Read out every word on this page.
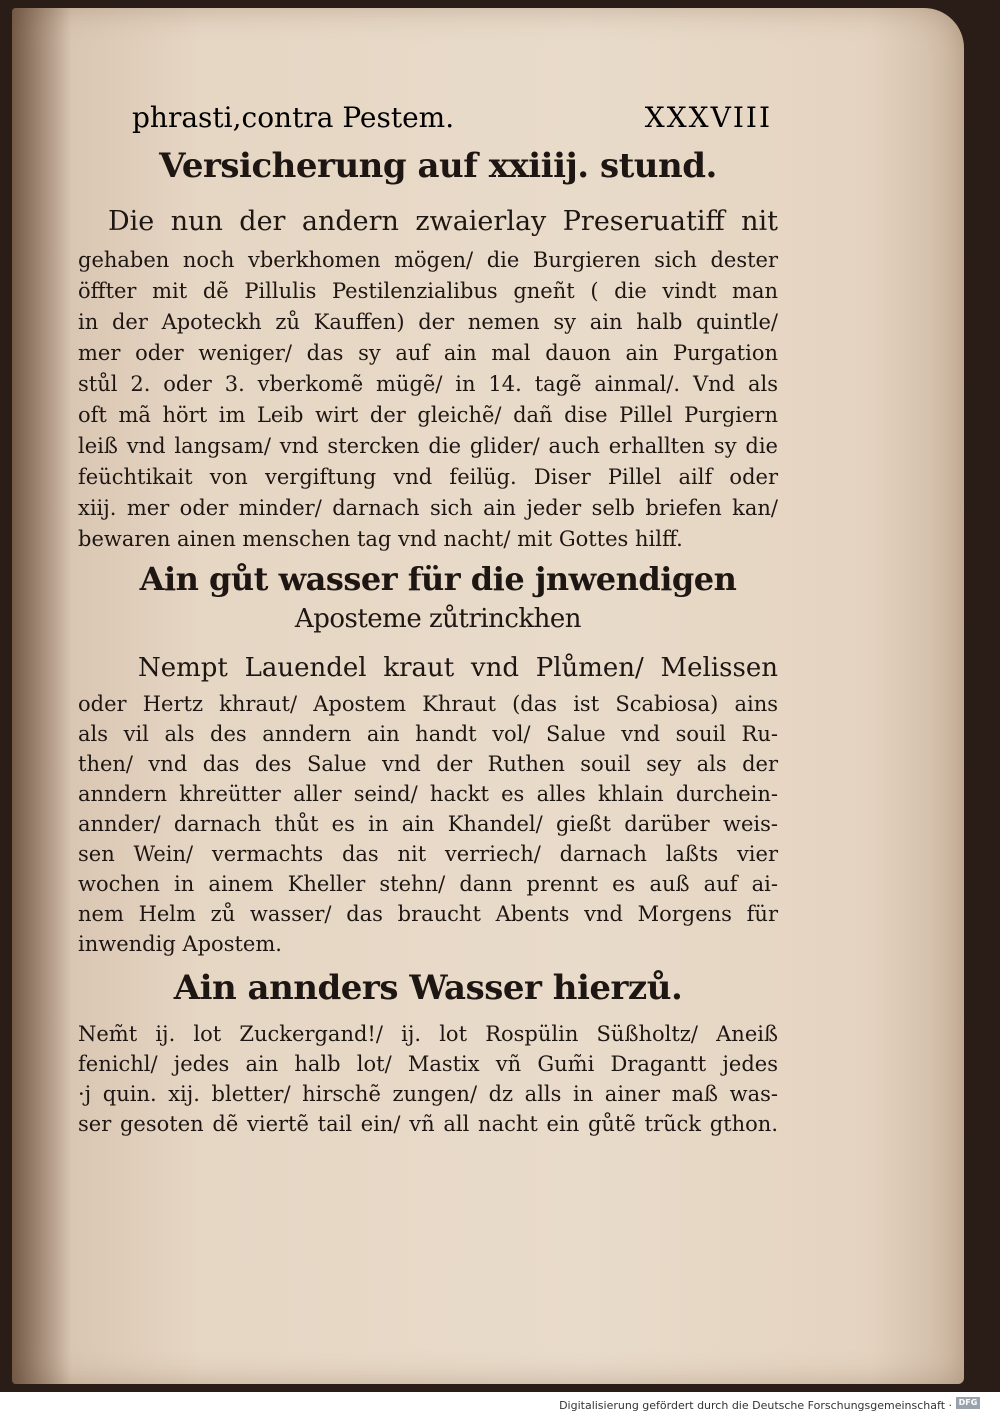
phrasti,contra Pestem.	XXXVIII
Versicherung auf xxiiij. stund.
Die nun der andern zwaierlay Preseruatiff nit
gehaben noch vberkhomen mögen/ die Burgieren sich dester
öffter mit dẽ Pillulis Pestilenzialibus gneñt ( die vindt man
in der Apoteckh zů Kauffen) der nemen sy ain halb quintle/
mer oder weniger/ das sy auf ain mal dauon ain Purgation
stůl 2. oder 3. vberkomẽ mügẽ/ in 14. tagẽ ainmal/. Vnd als
oft mã hört im Leib wirt der gleichẽ/ dañ dise Pillel Purgiern
leiß vnd langsam/ vnd stercken die glider/ auch erhallten sy die
feüchtikait von vergiftung vnd feilüg. Diser Pillel ailf oder
xiij. mer oder minder/ darnach sich ain jeder selb briefen kan/
bewaren ainen menschen tag vnd nacht/ mit Gottes hilff.
Ain gůt wasser für die jnwendigen
Aposteme zůtrinckhen
Nempt Lauendel kraut vnd Plůmen/ Melissen
oder Hertz khraut/ Apostem Khraut (das ist Scabiosa) ains
als vil als des anndern ain handt vol/ Salue vnd souil Ru-
then/ vnd das des Salue vnd der Ruthen souil sey als der
anndern khreütter aller seind/ hackt es alles khlain durchein-
annder/ darnach thůt es in ain Khandel/ gießt darüber weis-
sen Wein/ vermachts das nit verriech/ darnach laßts vier
wochen in ainem Kheller stehn/ dann prennt es auß auf ai-
nem Helm zů wasser/ das braucht Abents vnd Morgens für
inwendig Apostem.
Ain annders Wasser hierzů.
Nem̃t ij. lot Zuckergand!/ ij. lot Rospülin Süßholtz/ Aneiß
fenichl/ jedes ain halb lot/ Mastix vñ Gum̃i Dragantt jedes
·j quin. xij. bletter/ hirschẽ zungen/ dz alls in ainer maß was-
ser gesoten dẽ viertẽ tail ein/ vñ all nacht ein gůtẽ trũck gthon.
Digitalisierung gefördert durch die Deutsche Forschungsgemeinschaft · DFG
